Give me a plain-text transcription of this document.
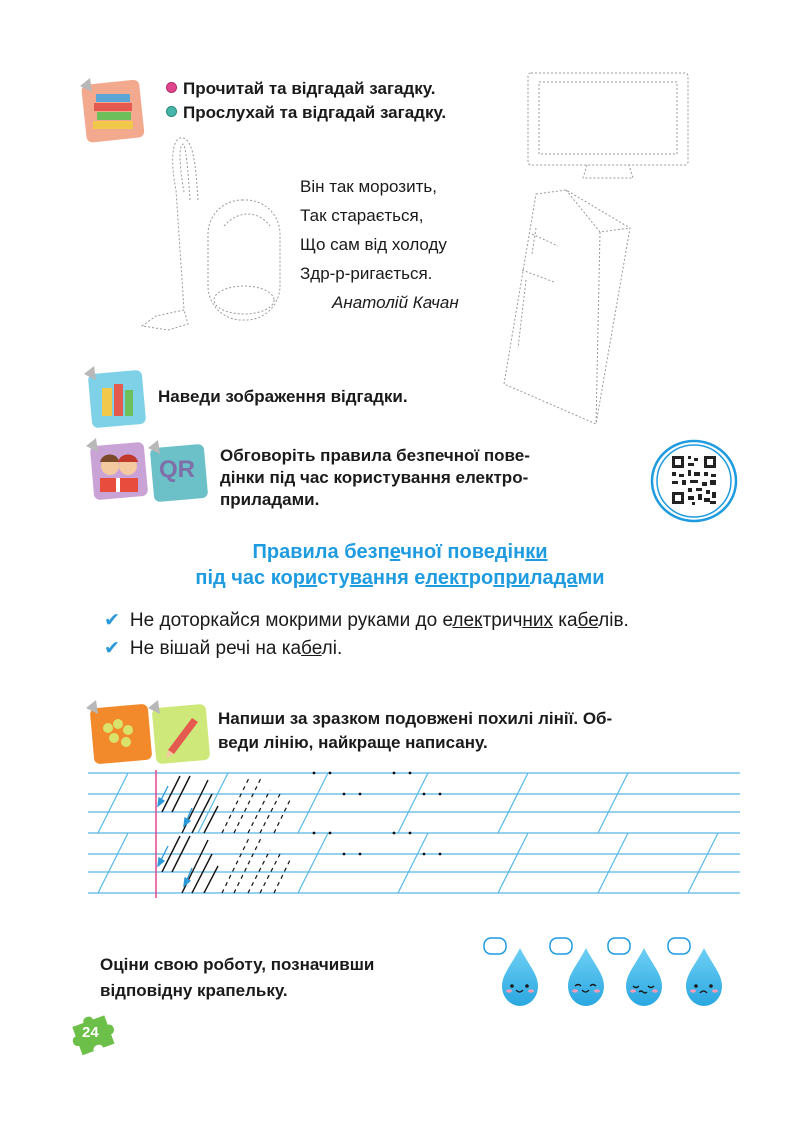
Прочитай та відгадай загадку.
Прослухай та відгадай загадку.
Він так морозить,
Так старається,
Що сам від холоду
Здр-р-ригається.
Анатолій Качан
Наведи зображення відгадки.
QR
Обговоріть правила безпечної пове-
дінки під час користування електро-
приладами.
Правила безпечної поведінки
під час користування електроприладами
✔ Не доторкайся мокрими руками до електричних кабелів.
✔ Не вішай речі на кабелі.
Напиши за зразком подовжені похилі лінії. Об-
веди лінію, найкраще написану.
Оціни свою роботу, позначивши
відповідну крапельку.
24
